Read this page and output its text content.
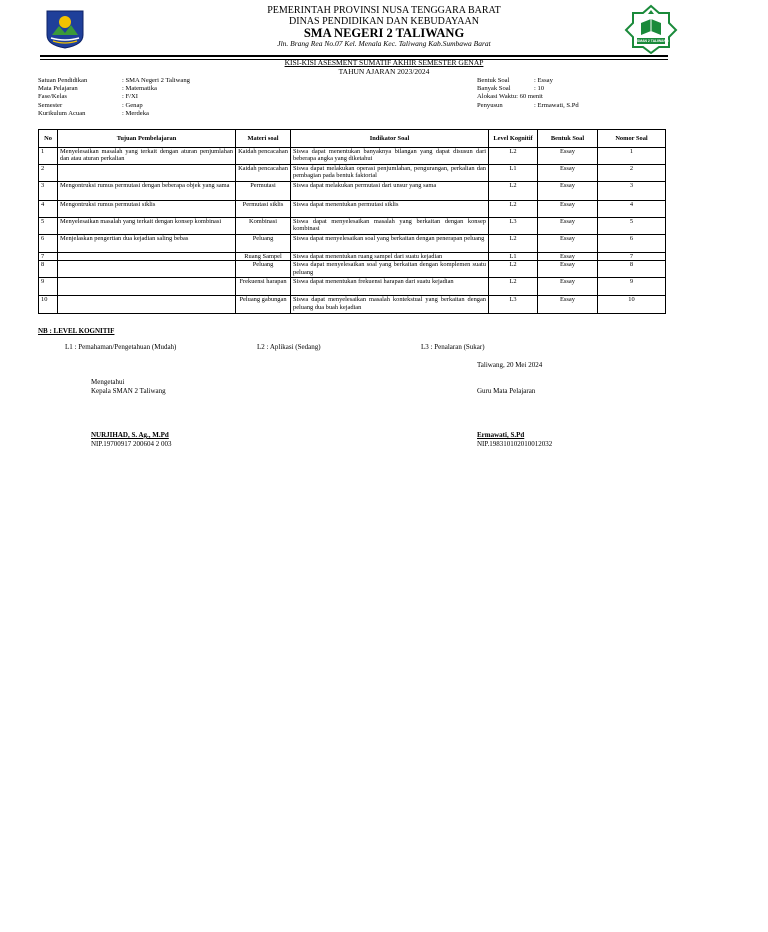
SMAN 2 TALIWANG
PEMERINTAH PROVINSI NUSA TENGGARA BARAT
DINAS PENDIDIKAN DAN KEBUDAYAAN
SMA NEGERI 2 TALIWANG
Jln. Brang Rea No.07 Kel. Menala Kec. Taliwang Kab.Sumbawa Barat
KISI-KISI ASESMENT SUMATIF AKHIR SEMESTER GENAP
TAHUN AJARAN 2023/2024
Satuan Pendidikan	: SMA Negeri 2 Taliwang
Mata Pelajaran	: Matematika
Fase/Kelas	: F/XI
Semester	: Genap
Kurikulum Acuan	: Merdeka
Bentuk Soal	: Essay
Banyak Soal	: 10
Alokasi Waktu : 60 menit
Penyusun	: Ermawati, S.Pd
No	Tujuan Pembelajaran	Materi soal	Indikator Soal	Level Kognitif	Bentuk Soal	Nomor Soal
1	Menyelesaikan masalah yang terkait dengan aturan penjumlahan dan atau aturan perkalian	Kaidah pencacahan	Siswa dapat menentukan banyaknya bilangan yang dapat disusun dari beberapa angka yang diketahui	L2	Essay	1
2		Kaidah pencacahan	Siswa dapat melakukan operasi penjumlahan, pengurangan, perkalian dan pembagian pada bentuk faktorial	L1	Essay	2
3	Mengontruksi rumus permutasi dengan beberapa objek yang sama	Permutasi	Siswa dapat melakukan permutasi dari unsur yang sama	L2	Essay	3
4	Mengontruksi rumus permutasi siklis	Permutasi siklis	Siswa dapat menentukan permutasi siklis	L2	Essay	4
5	Menyelesaikan masalah yang terkait dengan konsep kombinasi	Kombinasi	Siswa dapat menyelesaikan masalah yang berkaitan dengan konsep kombinasi	L3	Essay	5
6	Menjelaskan pengertian dua kejadian saling bebas	Peluang	Siswa dapat menyelesaikan soal yang berkaitan dengan penerapan peluang	L2	Essay	6
7		Ruang Sampel	Siswa dapat menentukan ruang sampel dari suatu kejadian	L1	Essay	7
8		Peluang	Siswa dapat menyelesaikan soal yang berkaitan dengan komplemen suatu peluang	L2	Essay	8
9		Frekuensi harapan	Siswa dapat menentukan frekuensi harapan dari suatu kejadian	L2	Essay	9
10		Peluang gabungan	Siswa dapat menyelesaikan masalah kontekstual yang berkaitan dengan peluang dua buah kejadian	L3	Essay	10
NB : LEVEL KOGNITIF
L1 : Pemahaman/Pengetahuan (Mudah)	L2 : Aplikasi (Sedang)	L3 : Penalaran (Sukar)
Taliwang, 20 Mei 2024
Mengetahui
Kepala SMAN 2 Taliwang
NURJIHAD, S. Ag., M.Pd
NIP.19700917 200604 2 003
Guru Mata Pelajaran
Ermawati, S.Pd
NIP.198310102010012032
